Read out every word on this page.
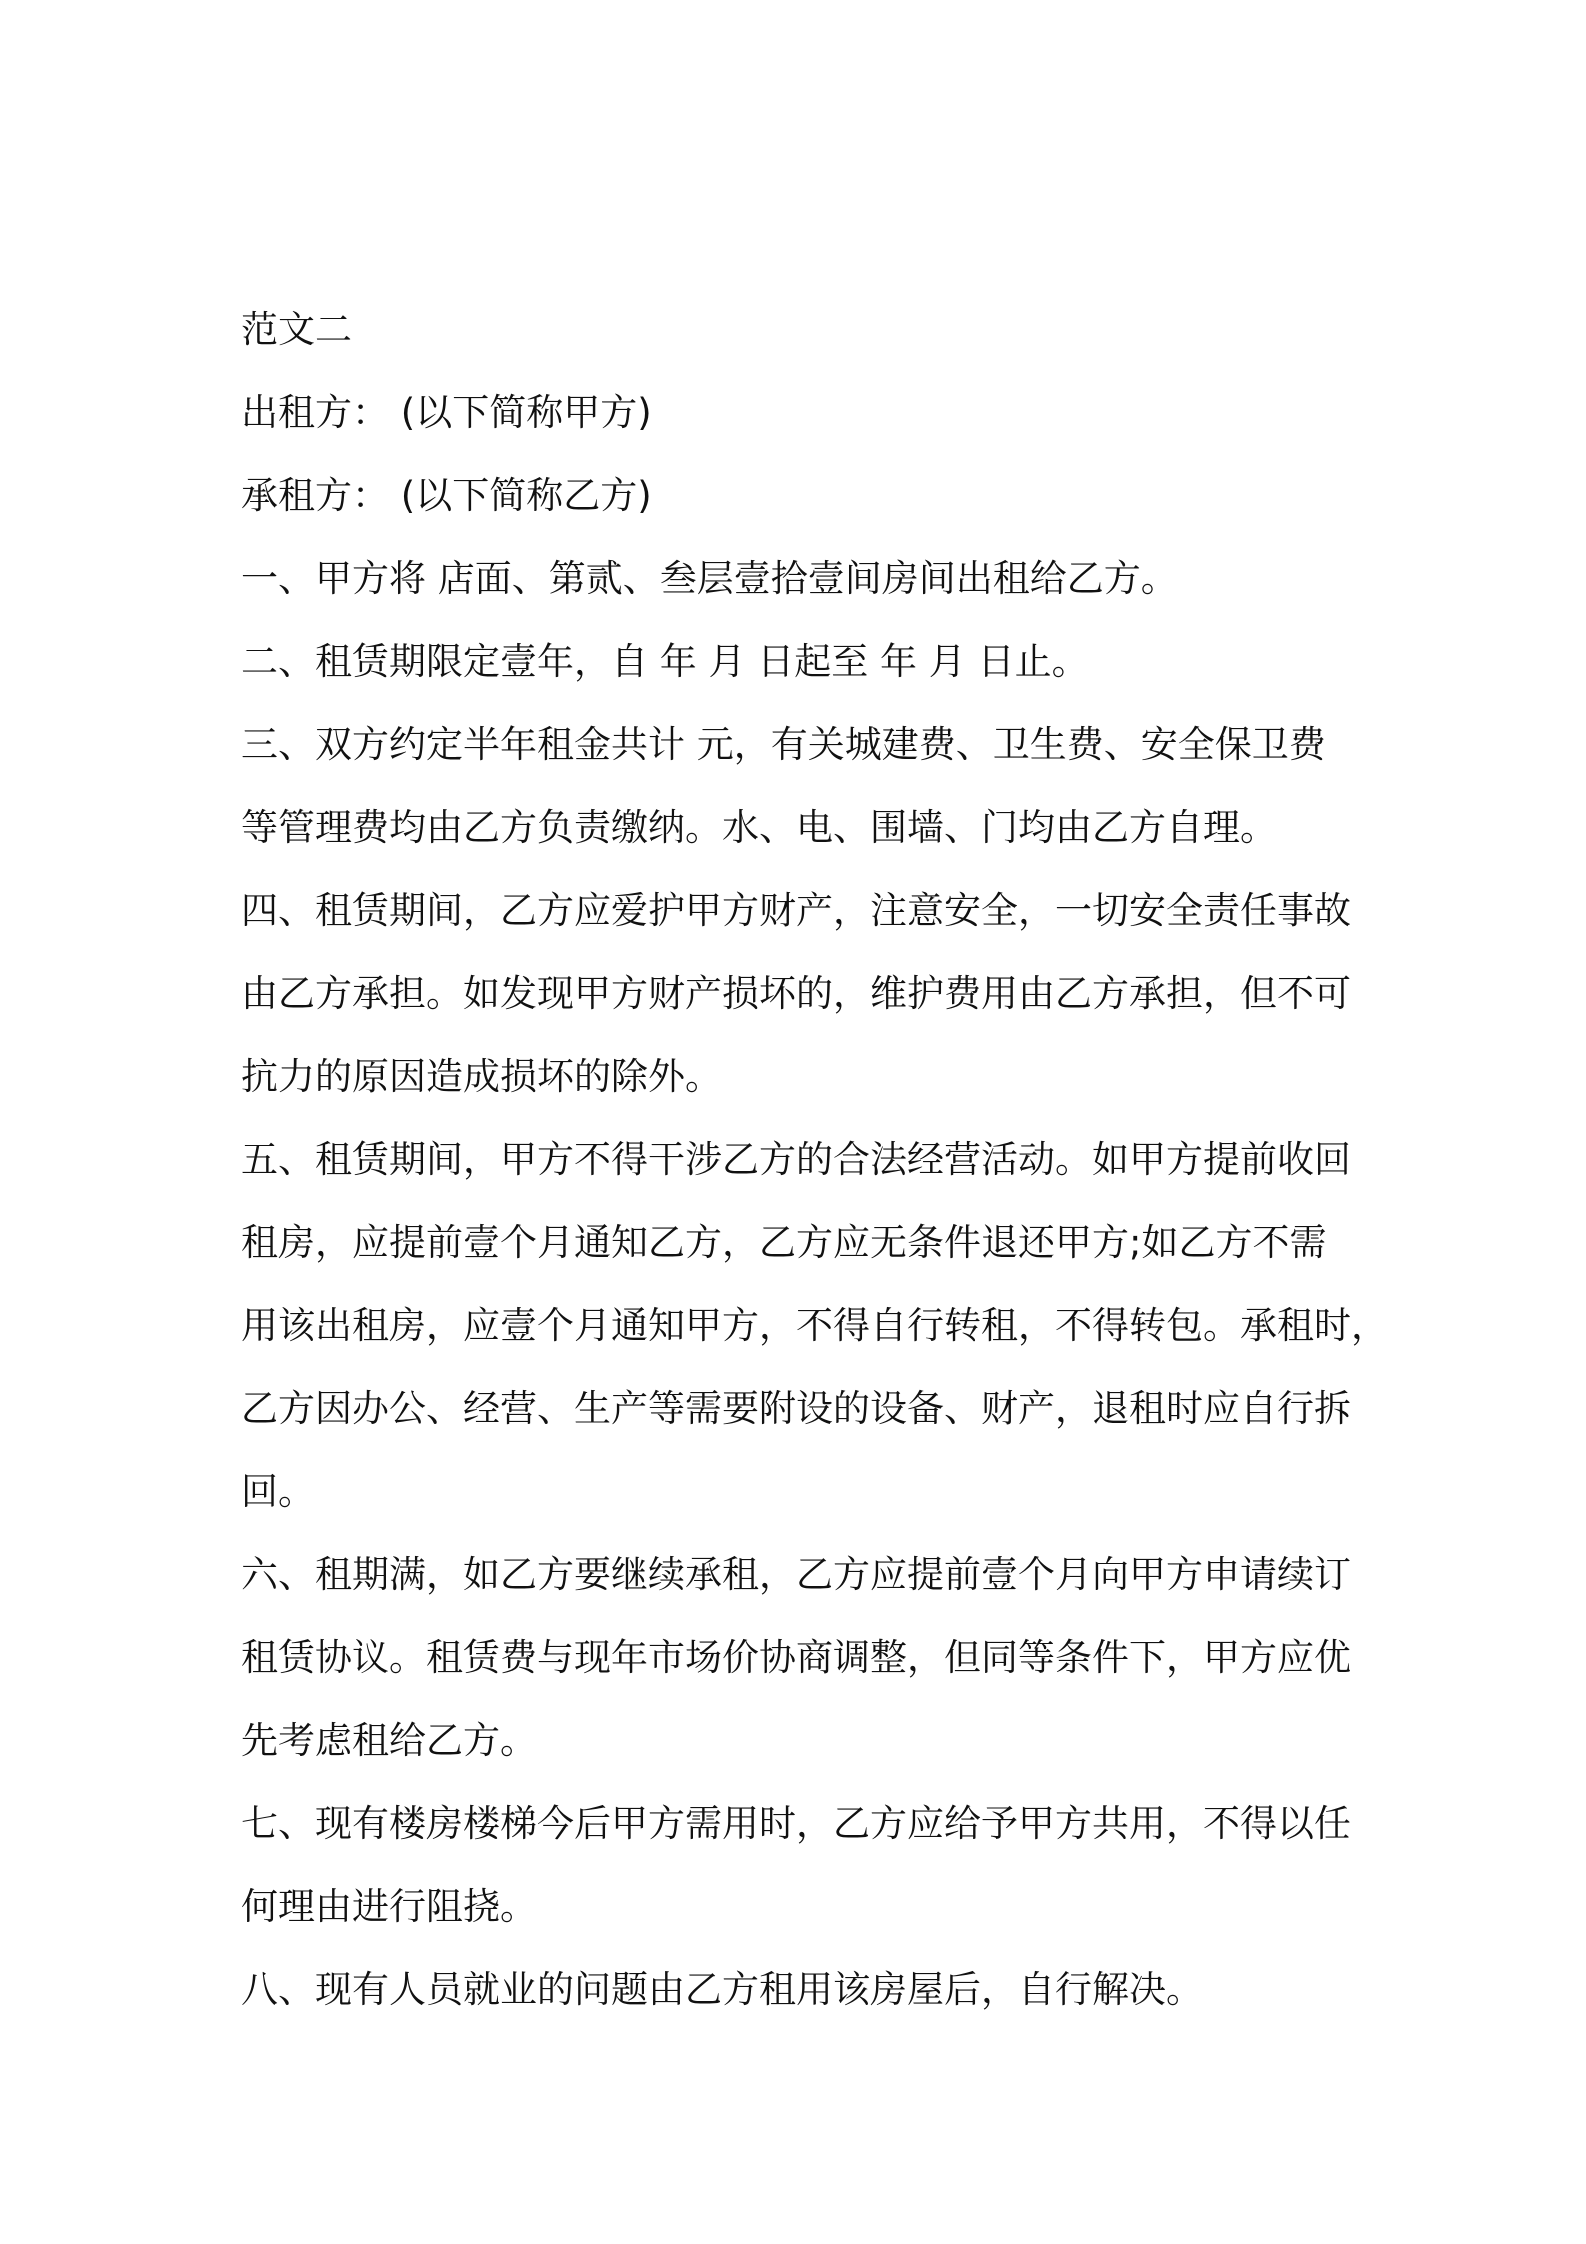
范文二
出租方： (以下简称甲方)
承租方： (以下简称乙方)
一、甲方将 店面、第贰、叁层壹拾壹间房间出租给乙方。
二、租赁期限定壹年，自 年 月 日起至 年 月 日止。
三、双方约定半年租金共计 元，有关城建费、卫生费、安全保卫费
等管理费均由乙方负责缴纳。水、电、围墙、门均由乙方自理。
四、租赁期间，乙方应爱护甲方财产，注意安全，一切安全责任事故
由乙方承担。如发现甲方财产损坏的，维护费用由乙方承担，但不可
抗力的原因造成损坏的除外。
五、租赁期间，甲方不得干涉乙方的合法经营活动。如甲方提前收回
租房，应提前壹个月通知乙方，乙方应无条件退还甲方;如乙方不需
用该出租房，应壹个月通知甲方，不得自行转租，不得转包。承租时，
乙方因办公、经营、生产等需要附设的设备、财产，退租时应自行拆
回。
六、租期满，如乙方要继续承租，乙方应提前壹个月向甲方申请续订
租赁协议。租赁费与现年市场价协商调整，但同等条件下，甲方应优
先考虑租给乙方。
七、现有楼房楼梯今后甲方需用时，乙方应给予甲方共用，不得以任
何理由进行阻挠。
八、现有人员就业的问题由乙方租用该房屋后，自行解决。
